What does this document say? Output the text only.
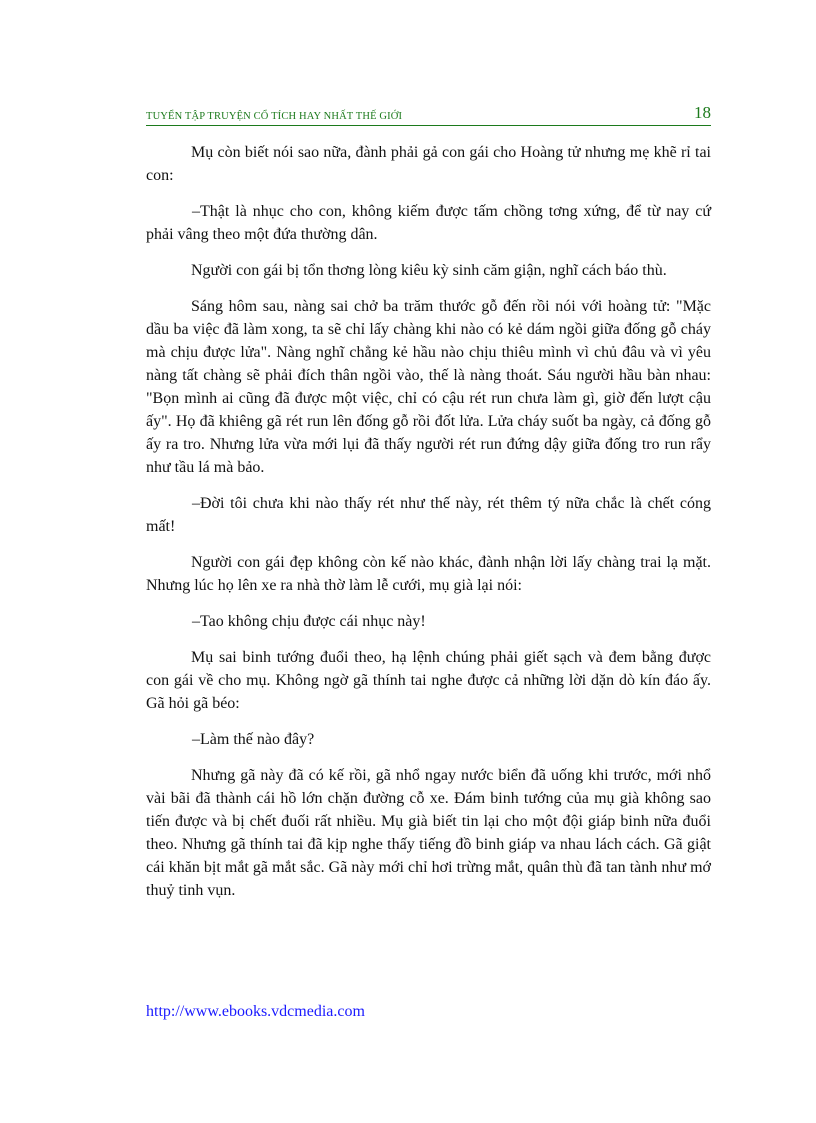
TUYỂN TẬP TRUYỆN CỔ TÍCH HAY NHẤT THẾ GIỚI	18

Mụ còn biết nói sao nữa, đành phải gả con gái cho Hoàng tử nhưng mẹ khẽ rỉ tai con:

–Thật là nhục cho con, không kiếm được tấm chồng tơng xứng, để từ nay cứ phải vâng theo một đứa thường dân.

Người con gái bị tổn thơng lòng kiêu kỳ sinh căm giận, nghĩ cách báo thù.

Sáng hôm sau, nàng sai chở ba trăm thước gỗ đến rồi nói với hoàng tử: "Mặc dầu ba việc đã làm xong, ta sẽ chỉ lấy chàng khi nào có kẻ dám ngồi giữa đống gỗ cháy mà chịu được lửa". Nàng nghĩ chẳng kẻ hầu nào chịu thiêu mình vì chủ đâu và vì yêu nàng tất chàng sẽ phải đích thân ngồi vào, thế là nàng thoát. Sáu người hầu bàn nhau: "Bọn mình ai cũng đã được một việc, chỉ có cậu rét run chưa làm gì, giờ đến lượt cậu ấy". Họ đã khiêng gã rét run lên đống gỗ rồi đốt lửa. Lửa cháy suốt ba ngày, cả đống gỗ ấy ra tro. Nhưng lửa vừa mới lụi đã thấy người rét run đứng dậy giữa đống tro run rẩy như tầu lá mà bảo.

–Đời tôi chưa khi nào thấy rét như thế này, rét thêm tý nữa chắc là chết cóng mất!

Người con gái đẹp không còn kế nào khác, đành nhận lời lấy chàng trai lạ mặt. Nhưng lúc họ lên xe ra nhà thờ làm lễ cưới, mụ già lại nói:

–Tao không chịu được cái nhục này!

Mụ sai binh tướng đuổi theo, hạ lệnh chúng phải giết sạch và đem bằng được con gái về cho mụ. Không ngờ gã thính tai nghe được cả những lời dặn dò kín đáo ấy. Gã hỏi gã béo:

–Làm thế nào đây?

Nhưng gã này đã có kế rồi, gã nhổ ngay nước biển đã uống khi trước, mới nhổ vài bãi đã thành cái hồ lớn chặn đường cỗ xe. Đám binh tướng của mụ già không sao tiến được và bị chết đuối rất nhiều. Mụ già biết tin lại cho một đội giáp binh nữa đuổi theo. Nhưng gã thính tai đã kịp nghe thấy tiếng đồ binh giáp va nhau lách cách. Gã giật cái khăn bịt mắt gã mắt sắc. Gã này mới chỉ hơi trừng mắt, quân thù đã tan tành như mớ thuỷ tinh vụn.

http://www.ebooks.vdcmedia.com
